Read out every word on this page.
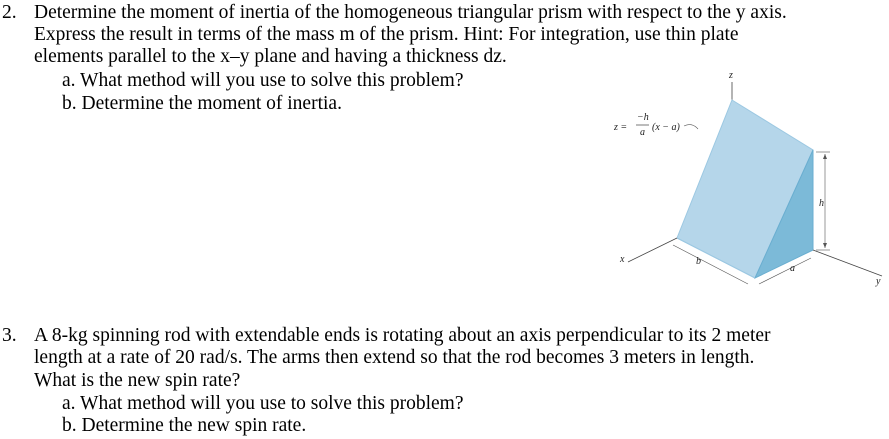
2. Determine the moment of inertia of the homogeneous triangular prism with respect to the y axis.
Express the result in terms of the mass m of the prism. Hint: For integration, use thin plate
elements parallel to the x–y plane and having a thickness dz.
a. What method will you use to solve this problem?
b. Determine the moment of inertia.
z
x
y
h
a
b
z =
−h
a (x − a)
3. A 8-kg spinning rod with extendable ends is rotating about an axis perpendicular to its 2 meter
length at a rate of 20 rad/s. The arms then extend so that the rod becomes 3 meters in length.
What is the new spin rate?
a. What method will you use to solve this problem?
b. Determine the new spin rate.
